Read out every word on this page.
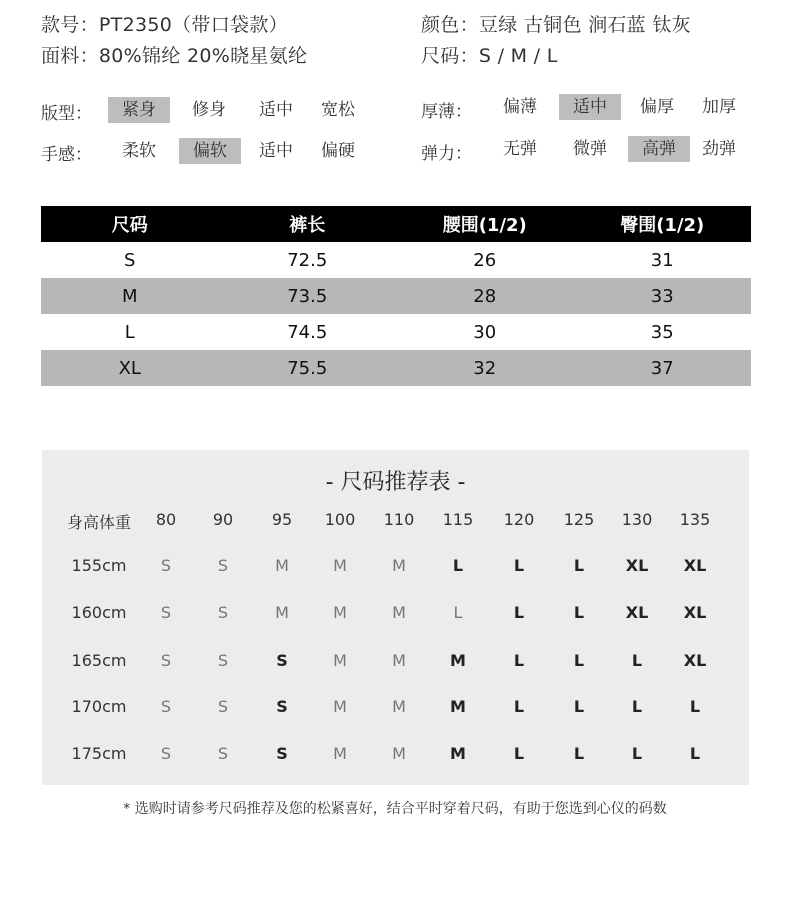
款号：PT2350（带口袋款）
面料：80%锦纶 20%晓星氨纶
颜色：豆绿 古铜色 涧石蓝 钛灰
尺码：S / M / L
版型：	紧身	修身	适中	宽松
手感：	柔软	偏软	适中	偏硬
厚薄：	偏薄	适中	偏厚	加厚
弹力：	无弹	微弹	高弹	劲弹
尺码	裤长	腰围(1/2)	臀围(1/2)
S	72.5	26	31
M	73.5	28	33
L	74.5	30	35
XL	75.5	32	37
- 尺码推荐表 -
身高体重	80	90	95	100	110	115	120	125	130	135
155cm	S	S	M	M	M	L	L	L	XL	XL
160cm	S	S	M	M	M	L	L	L	XL	XL
165cm	S	S	S	M	M	M	L	L	L	XL
170cm	S	S	S	M	M	M	L	L	L	L
175cm	S	S	S	M	M	M	L	L	L	L
* 选购时请参考尺码推荐及您的松紧喜好，结合平时穿着尺码，有助于您选到心仪的码数
